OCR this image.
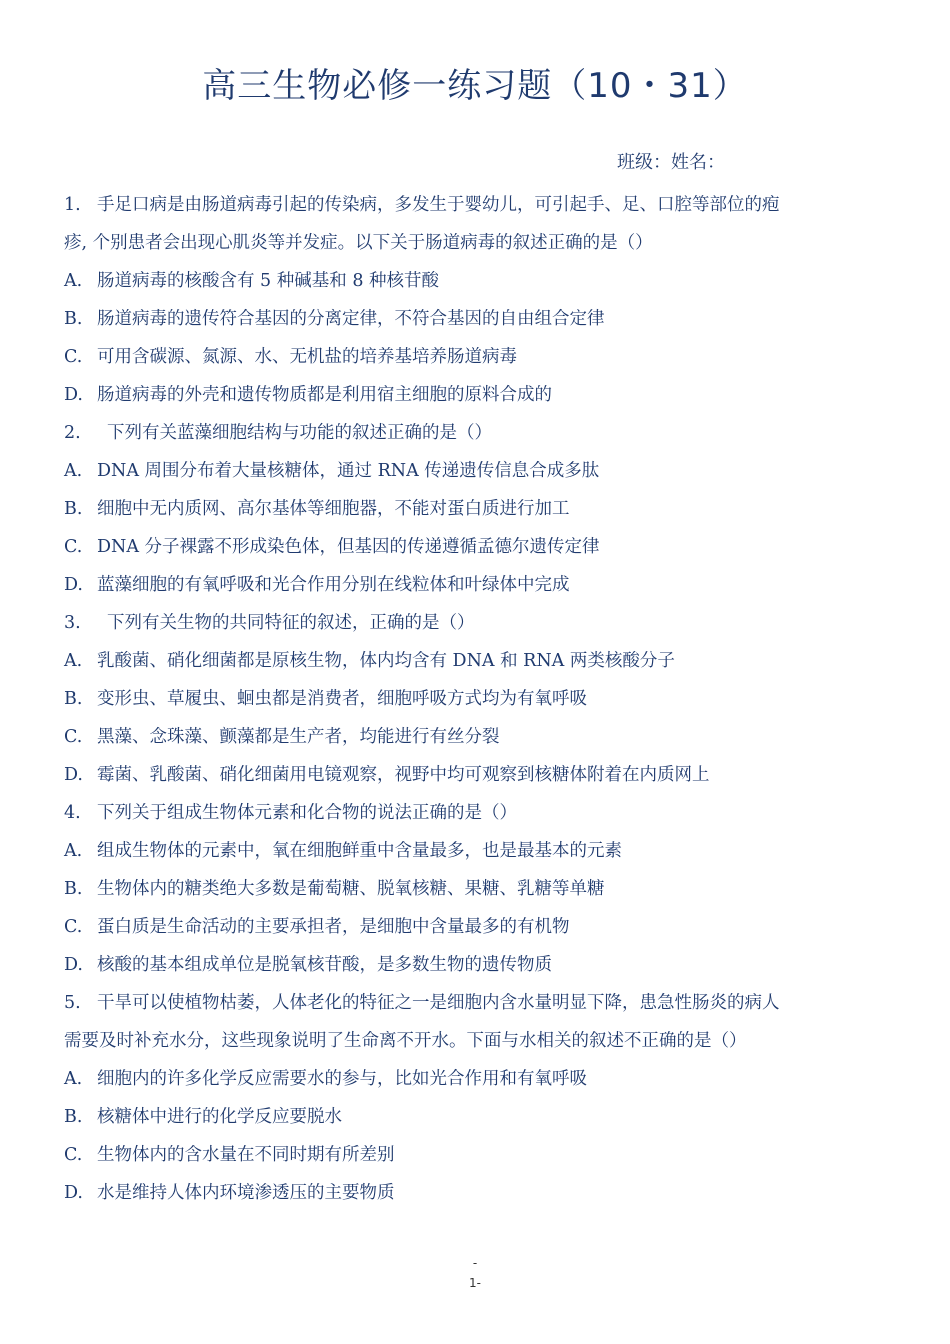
高三生物必修一练习题（10・31）
班级：姓名：
1. 手足口病是由肠道病毒引起的传染病，多发生于婴幼儿，可引起手、足、口腔等部位的疱
疹, 个别患者会出现心肌炎等并发症。以下关于肠道病毒的叙述正确的是（）
A. 肠道病毒的核酸含有 5 种碱基和 8 种核苷酸
B. 肠道病毒的遗传符合基因的分离定律，不符合基因的自由组合定律
C. 可用含碳源、氮源、水、无机盐的培养基培养肠道病毒
D. 肠道病毒的外壳和遗传物质都是利用宿主细胞的原料合成的
2. 下列有关蓝藻细胞结构与功能的叙述正确的是（）
A. DNA 周围分布着大量核糖体，通过 RNA 传递遗传信息合成多肽
B. 细胞中无内质网、高尔基体等细胞器，不能对蛋白质进行加工
C. DNA 分子裸露不形成染色体，但基因的传递遵循孟德尔遗传定律
D. 蓝藻细胞的有氧呼吸和光合作用分别在线粒体和叶绿体中完成
3. 下列有关生物的共同特征的叙述，正确的是（）
A. 乳酸菌、硝化细菌都是原核生物，体内均含有 DNA 和 RNA 两类核酸分子
B. 变形虫、草履虫、蛔虫都是消费者，细胞呼吸方式均为有氧呼吸
C. 黑藻、念珠藻、颤藻都是生产者，均能进行有丝分裂
D. 霉菌、乳酸菌、硝化细菌用电镜观察，视野中均可观察到核糖体附着在内质网上
4. 下列关于组成生物体元素和化合物的说法正确的是（）
A. 组成生物体的元素中，氧在细胞鲜重中含量最多，也是最基本的元素
B. 生物体内的糖类绝大多数是葡萄糖、脱氧核糖、果糖、乳糖等单糖
C. 蛋白质是生命活动的主要承担者，是细胞中含量最多的有机物
D. 核酸的基本组成单位是脱氧核苷酸，是多数生物的遗传物质
5. 干旱可以使植物枯萎，人体老化的特征之一是细胞内含水量明显下降，患急性肠炎的病人
需要及时补充水分，这些现象说明了生命离不开水。下面与水相关的叙述不正确的是（）
A. 细胞内的许多化学反应需要水的参与，比如光合作用和有氧呼吸
B. 核糖体中进行的化学反应要脱水
C. 生物体内的含水量在不同时期有所差别
D. 水是维持人体内环境渗透压的主要物质
-
1-
